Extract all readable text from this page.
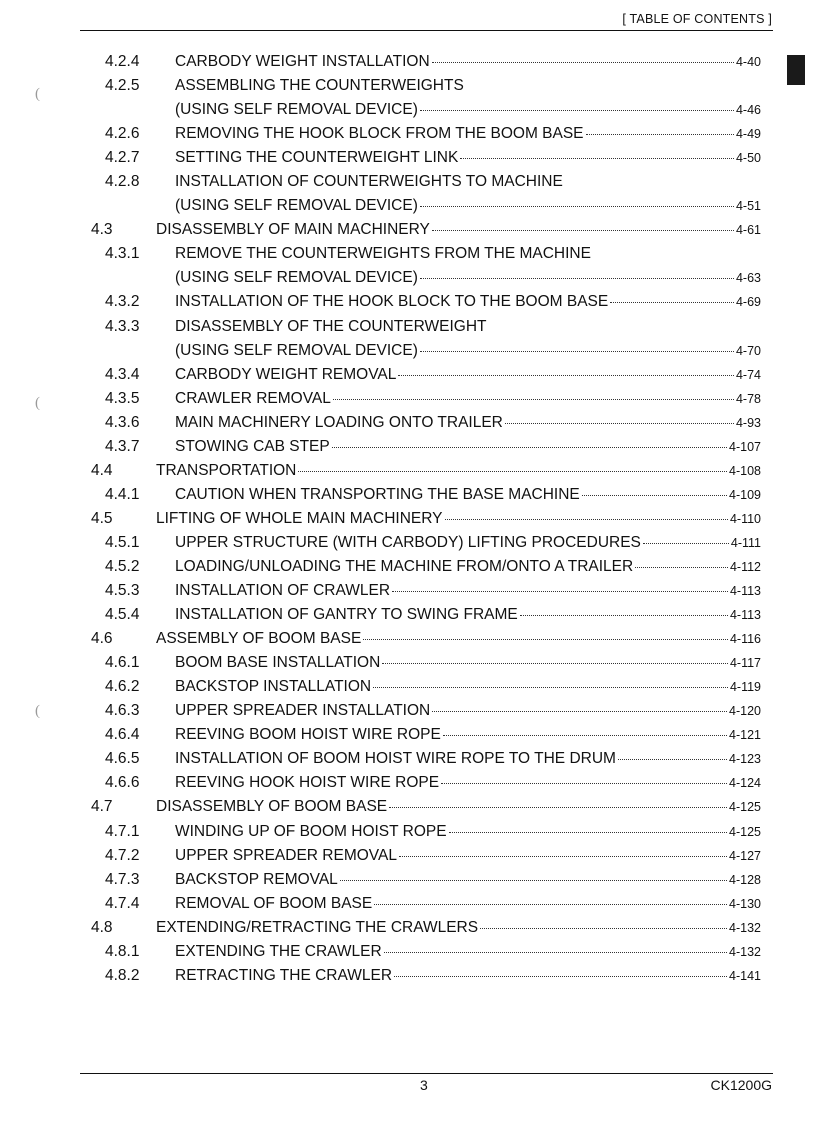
[ TABLE OF CONTENTS ]
(
(
(
4.2.4 CARBODY WEIGHT INSTALLATION	4-40
4.2.5 ASSEMBLING THE COUNTERWEIGHTS
(USING SELF REMOVAL DEVICE)	4-46
4.2.6 REMOVING THE HOOK BLOCK FROM THE BOOM BASE	4-49
4.2.7 SETTING THE COUNTERWEIGHT LINK	4-50
4.2.8 INSTALLATION OF COUNTERWEIGHTS TO MACHINE
(USING SELF REMOVAL DEVICE)	4-51
4.3	DISASSEMBLY OF MAIN MACHINERY	4-61
4.3.1 REMOVE THE COUNTERWEIGHTS FROM THE MACHINE
(USING SELF REMOVAL DEVICE)	4-63
4.3.2 INSTALLATION OF THE HOOK BLOCK TO THE BOOM BASE	4-69
4.3.3 DISASSEMBLY OF THE COUNTERWEIGHT
(USING SELF REMOVAL DEVICE)	4-70
4.3.4 CARBODY WEIGHT REMOVAL	4-74
4.3.5 CRAWLER REMOVAL	4-78
4.3.6 MAIN MACHINERY LOADING ONTO TRAILER	4-93
4.3.7 STOWING CAB STEP	4-107
4.4	TRANSPORTATION	4-108
4.4.1 CAUTION WHEN TRANSPORTING THE BASE MACHINE	4-109
4.5	LIFTING OF WHOLE MAIN MACHINERY	4-110
4.5.1 UPPER STRUCTURE (WITH CARBODY) LIFTING PROCEDURES	4-111
4.5.2 LOADING/UNLOADING THE MACHINE FROM/ONTO A TRAILER	4-112
4.5.3 INSTALLATION OF CRAWLER	4-113
4.5.4 INSTALLATION OF GANTRY TO SWING FRAME	4-113
4.6	ASSEMBLY OF BOOM BASE	4-116
4.6.1 BOOM BASE INSTALLATION	4-117
4.6.2 BACKSTOP INSTALLATION	4-119
4.6.3 UPPER SPREADER INSTALLATION	4-120
4.6.4 REEVING BOOM HOIST WIRE ROPE	4-121
4.6.5 INSTALLATION OF BOOM HOIST WIRE ROPE TO THE DRUM	4-123
4.6.6 REEVING HOOK HOIST WIRE ROPE	4-124
4.7	DISASSEMBLY OF BOOM BASE	4-125
4.7.1 WINDING UP OF BOOM HOIST ROPE	4-125
4.7.2 UPPER SPREADER REMOVAL	4-127
4.7.3 BACKSTOP REMOVAL	4-128
4.7.4 REMOVAL OF BOOM BASE	4-130
4.8	EXTENDING/RETRACTING THE CRAWLERS	4-132
4.8.1 EXTENDING THE CRAWLER	4-132
4.8.2 RETRACTING THE CRAWLER	4-141
3	CK1200G
